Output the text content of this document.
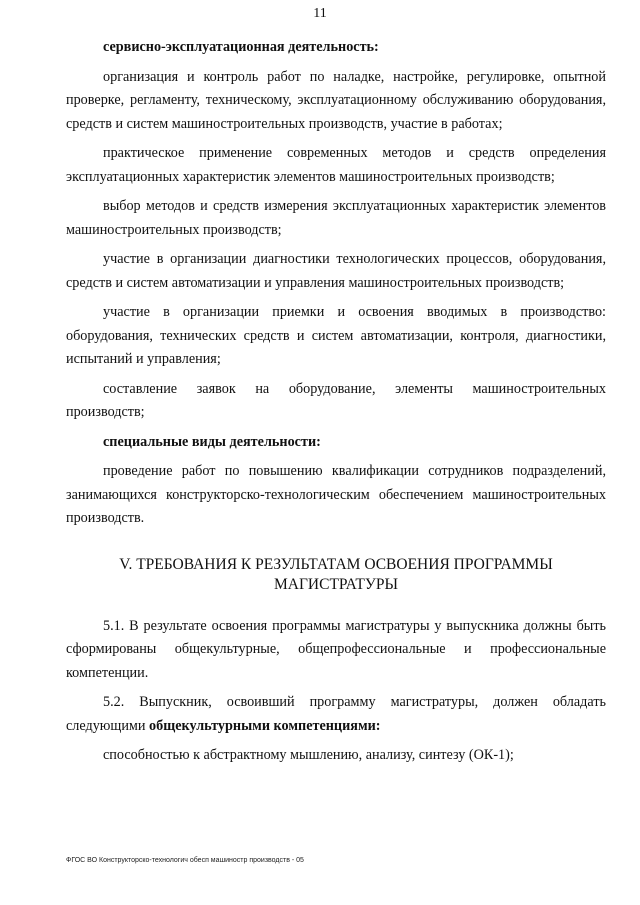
11

сервисно-эксплуатационная деятельность:

организация и контроль работ по наладке, настройке, регулировке, опытной проверке, регламенту, техническому, эксплуатационному обслуживанию оборудования, средств и систем машиностроительных производств, участие в работах;

практическое применение современных методов и средств определения эксплуатационных характеристик элементов машиностроительных производств;

выбор методов и средств измерения эксплуатационных характеристик элементов машиностроительных производств;

участие в организации диагностики технологических процессов, оборудования, средств и систем автоматизации и управления машиностроительных производств;

участие в организации приемки и освоения вводимых в производство: оборудования, технических средств и систем автоматизации, контроля, диагностики, испытаний и управления;

составление заявок на оборудование, элементы машиностроительных производств;

специальные виды деятельности:

проведение работ по повышению квалификации сотрудников подразделений, занимающихся конструкторско-технологическим обеспечением машиностроительных производств.

V. ТРЕБОВАНИЯ К РЕЗУЛЬТАТАМ ОСВОЕНИЯ ПРОГРАММЫ МАГИСТРАТУРЫ

5.1. В результате освоения программы магистратуры у выпускника должны быть сформированы общекультурные, общепрофессиональные и профессиональные компетенции.

5.2. Выпускник, освоивший программу магистратуры, должен обладать следующими общекультурными компетенциями:

способностью к абстрактному мышлению, анализу, синтезу (ОК-1);

ФГОС ВО Конструкторско-технологич обесп машиностр производств - 05
